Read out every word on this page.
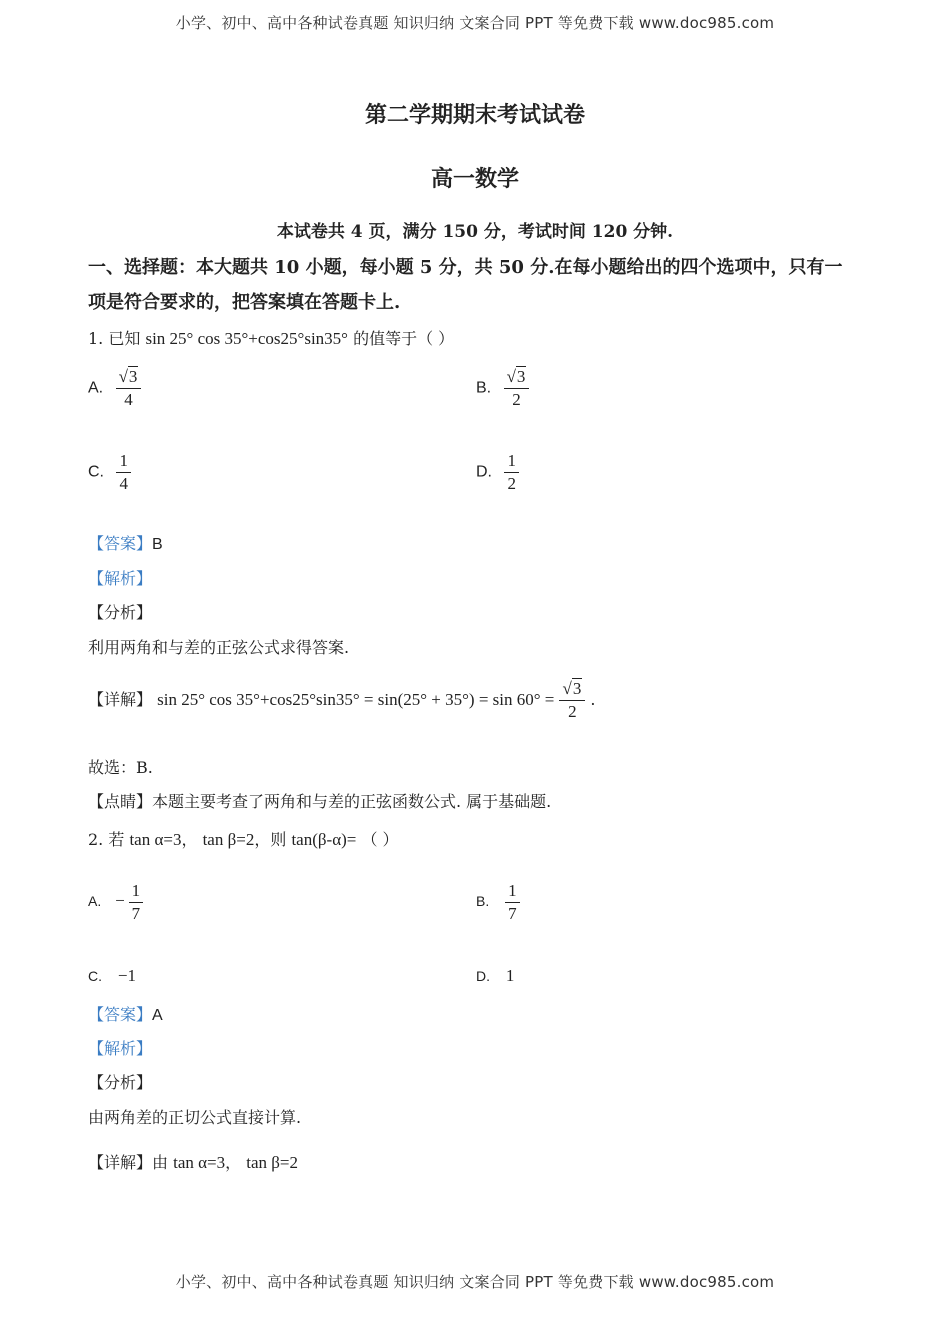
小学、初中、高中各种试卷真题 知识归纳 文案合同 PPT 等免费下载 www.doc985.com
第二学期期末考试试卷
高一数学
本试卷共 4 页，满分 150 分，考试时间 120 分钟.
一、选择题：本大题共 10 小题，每小题 5 分，共 50 分.在每小题给出的四个选项中，只有一
项是符合要求的，把答案填在答题卡上.
1. 已知 sin 25° cos 35°+cos25°sin35° 的值等于（ ）
A. $\frac{√3}{4}$	B. $\frac{√3}{2}$
C. $\frac{1}{4}$	D. $\frac{1}{2}$
【答案】B
【解析】
【分析】
利用两角和与差的正弦公式求得答案.
【详解】 sin 25° $\cos 35^\circ+\cos 25^\circ\sin 35^\circ = \sin(25^\circ + 35^\circ) = \sin 60^\circ = \frac{√3}{2}$ .
故选：B.
【点睛】本题主要考查了两角和与差的正弦函数公式. 属于基础题.
2. 若 tan α=3， tan β=2，则 tan(β-α)= （ ）
A. − $\frac{1}{7}$	B. $\frac{1}{7}$
C. −1	D. 1
【答案】A
【解析】
【分析】
由两角差的正切公式直接计算.
【详解】由 tan α=3， tan β=2
小学、初中、高中各种试卷真题 知识归纳 文案合同 PPT 等免费下载 www.doc985.com
